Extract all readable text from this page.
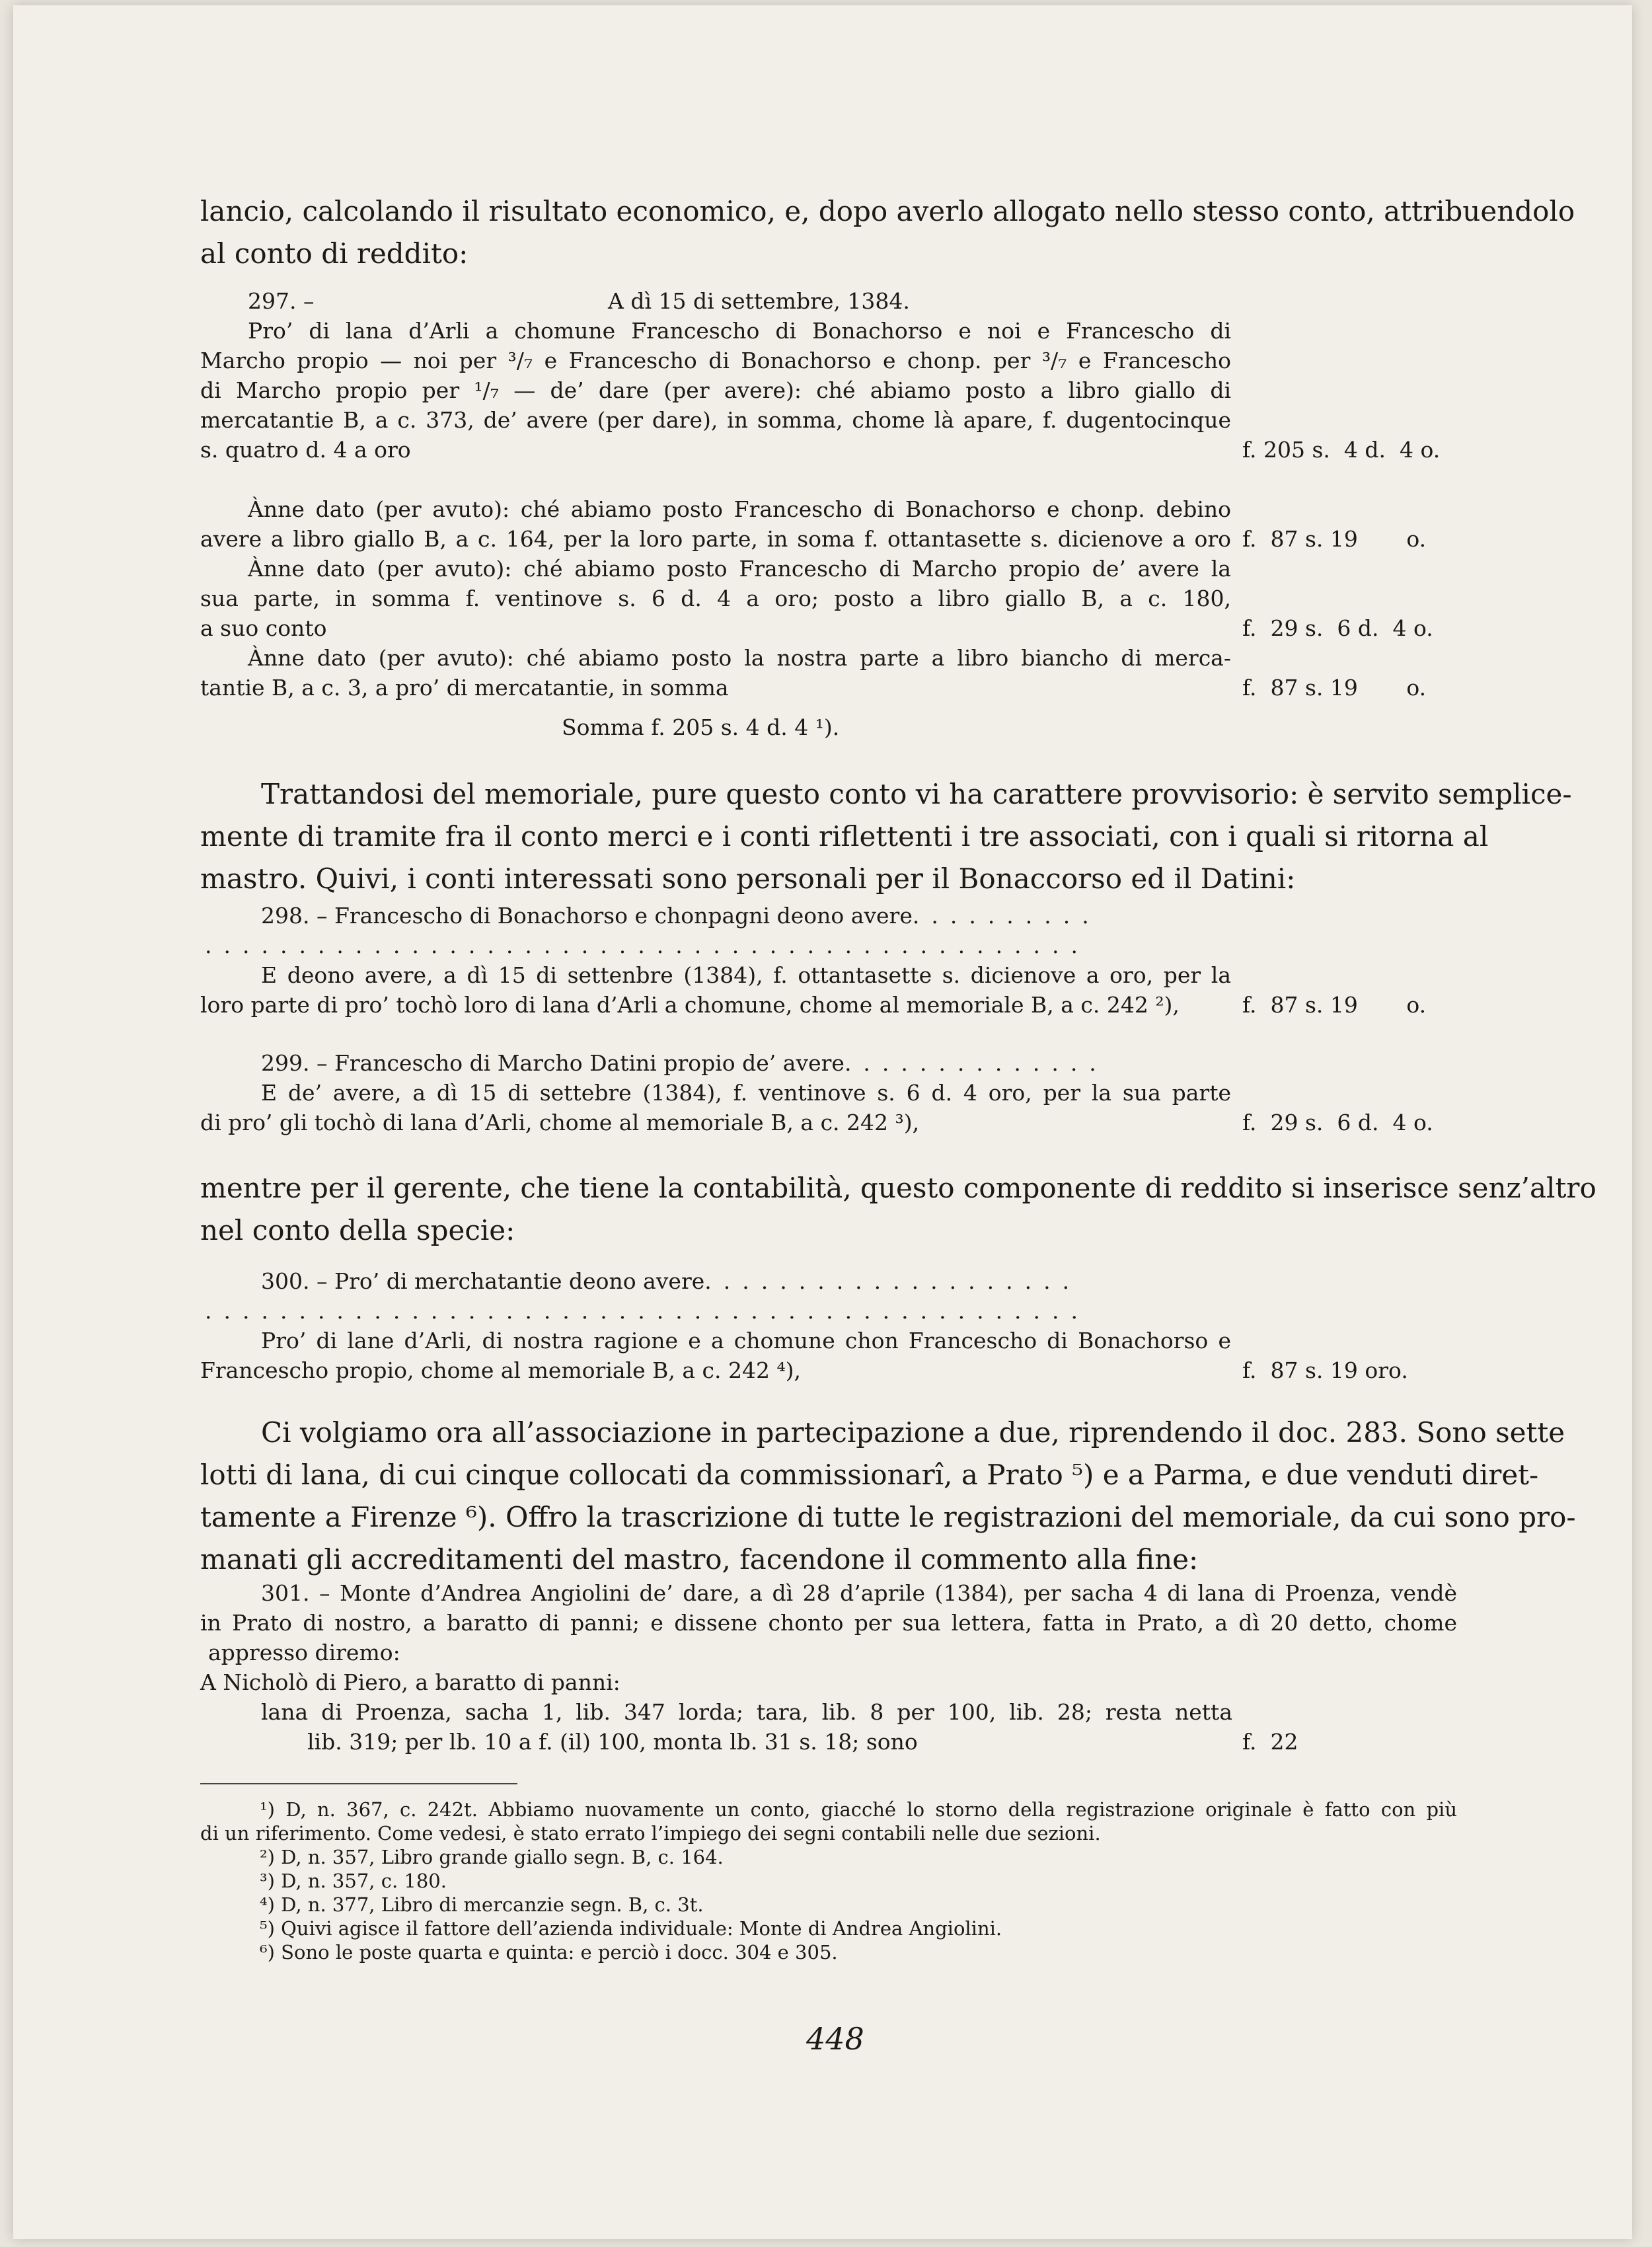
lancio, calcolando il risultato economico, e, dopo averlo allogato nello stesso conto, attribuendolo
al conto di reddito:
297. –	A dì 15 di settembre, 1384.
Pro’ di lana d’Arli a chomune Francescho di Bonachorso e noi e Francescho di
Marcho propio — noi per ³/₇ e Francescho di Bonachorso e chonp. per ³/₇ e Francescho
di Marcho propio per ¹/₇ — de’ dare (per avere): ché abiamo posto a libro giallo di
mercatantie B, a c. 373, de’ avere (per dare), in somma, chome là apare, f. dugentocinque
s. quatro d. 4 a oro	f. 205 s.  4 d.  4 o.
Ànne dato (per avuto): ché abiamo posto Francescho di Bonachorso e chonp. debino
avere a libro giallo B, a c. 164, per la loro parte, in soma f. ottantasette s. dicienove a oro f.  87 s. 19       o.
Ànne dato (per avuto): ché abiamo posto Francescho di Marcho propio de’ avere la
sua parte, in somma f. ventinove s. 6 d. 4 a oro; posto a libro giallo B, a c. 180,
a suo conto	f.  29 s.  6 d.  4 o.
Ànne dato (per avuto): ché abiamo posto la nostra parte a libro biancho di merca-
tantie B, a c. 3, a pro’ di mercatantie, in somma	f.  87 s. 19       o.
Somma f. 205 s. 4 d. 4 ¹).
Trattandosi del memoriale, pure questo conto vi ha carattere provvisorio: è servito semplice-
mente di tramite fra il conto merci e i conti riflettenti i tre associati, con i quali si ritorna al
mastro. Quivi, i conti interessati sono personali per il Bonaccorso ed il Datini:
298. – Francescho di Bonachorso e chonpagni deono avere..........
...............................................
E deono avere, a dì 15 di settenbre (1384), f. ottantasette s. dicienove a oro, per la
loro parte di pro’ tochò loro di lana d’Arli a chomune, chome al memoriale B, a c. 242 ²),	f.  87 s. 19       o.
299. – Francescho di Marcho Datini propio de’ avere..............
E de’ avere, a dì 15 di settebre (1384), f. ventinove s. 6 d. 4 oro, per la sua parte
di pro’ gli tochò di lana d’Arli, chome al memoriale B, a c. 242 ³),	f.  29 s.  6 d.  4 o.
mentre per il gerente, che tiene la contabilità, questo componente di reddito si inserisce senz’altro
nel conto della specie:
300. – Pro’ di merchatantie deono avere....................
...............................................
Pro’ di lane d’Arli, di nostra ragione e a chomune chon Francescho di Bonachorso e
Francescho propio, chome al memoriale B, a c. 242 ⁴),	f.  87 s. 19 oro.
Ci volgiamo ora all’associazione in partecipazione a due, riprendendo il doc. 283. Sono sette
lotti di lana, di cui cinque collocati da commissionarî, a Prato ⁵) e a Parma, e due venduti diret-
tamente a Firenze ⁶). Offro la trascrizione di tutte le registrazioni del memoriale, da cui sono pro-
manati gli accreditamenti del mastro, facendone il commento alla fine:
301. – Monte d’Andrea Angiolini de’ dare, a dì 28 d’aprile (1384), per sacha 4 di lana di Proenza, vendè
in Prato di nostro, a baratto di panni; e dissene chonto per sua lettera, fatta in Prato, a dì 20 detto, chome
appresso diremo:
A Nicholò di Piero, a baratto di panni:
lana di Proenza, sacha 1, lib. 347 lorda; tara, lib. 8 per 100, lib. 28; resta netta
lib. 319; per lb. 10 a f. (il) 100, monta lb. 31 s. 18; sono	f.  22
¹) D, n. 367, c. 242t. Abbiamo nuovamente un conto, giacché lo storno della registrazione originale è fatto con più
di un riferimento. Come vedesi, è stato errato l’impiego dei segni contabili nelle due sezioni.
²) D, n. 357, Libro grande giallo segn. B, c. 164.
³) D, n. 357, c. 180.
⁴) D, n. 377, Libro di mercanzie segn. B, c. 3t.
⁵) Quivi agisce il fattore dell’azienda individuale: Monte di Andrea Angiolini.
⁶) Sono le poste quarta e quinta: e perciò i docc. 304 e 305.
448
